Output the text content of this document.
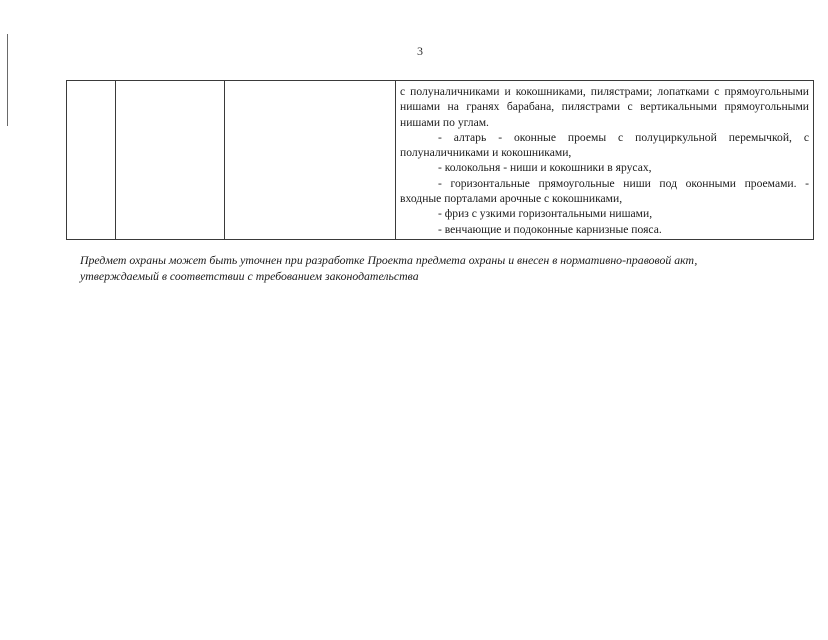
3

с полуналичниками и кокошниками, пилястрами; лопатками с прямоугольными нишами на гранях барабана, пилястрами с вертикальными прямоугольными нишами по углам.

- алтарь - оконные проемы с полуциркульной перемычкой, с полуналичниками и кокошниками,

- колокольня - ниши и кокошники в ярусах,

- горизонтальные прямоугольные ниши под оконными проемами. - входные порталами арочные с кокошниками,

- фриз с узкими горизонтальными нишами,

- венчающие и подоконные карнизные пояса.

Предмет охраны может быть уточнен при разработке Проекта предмета охраны и внесен в нормативно-правовой акт, утверждаемый в соответствии с требованием законодательства
